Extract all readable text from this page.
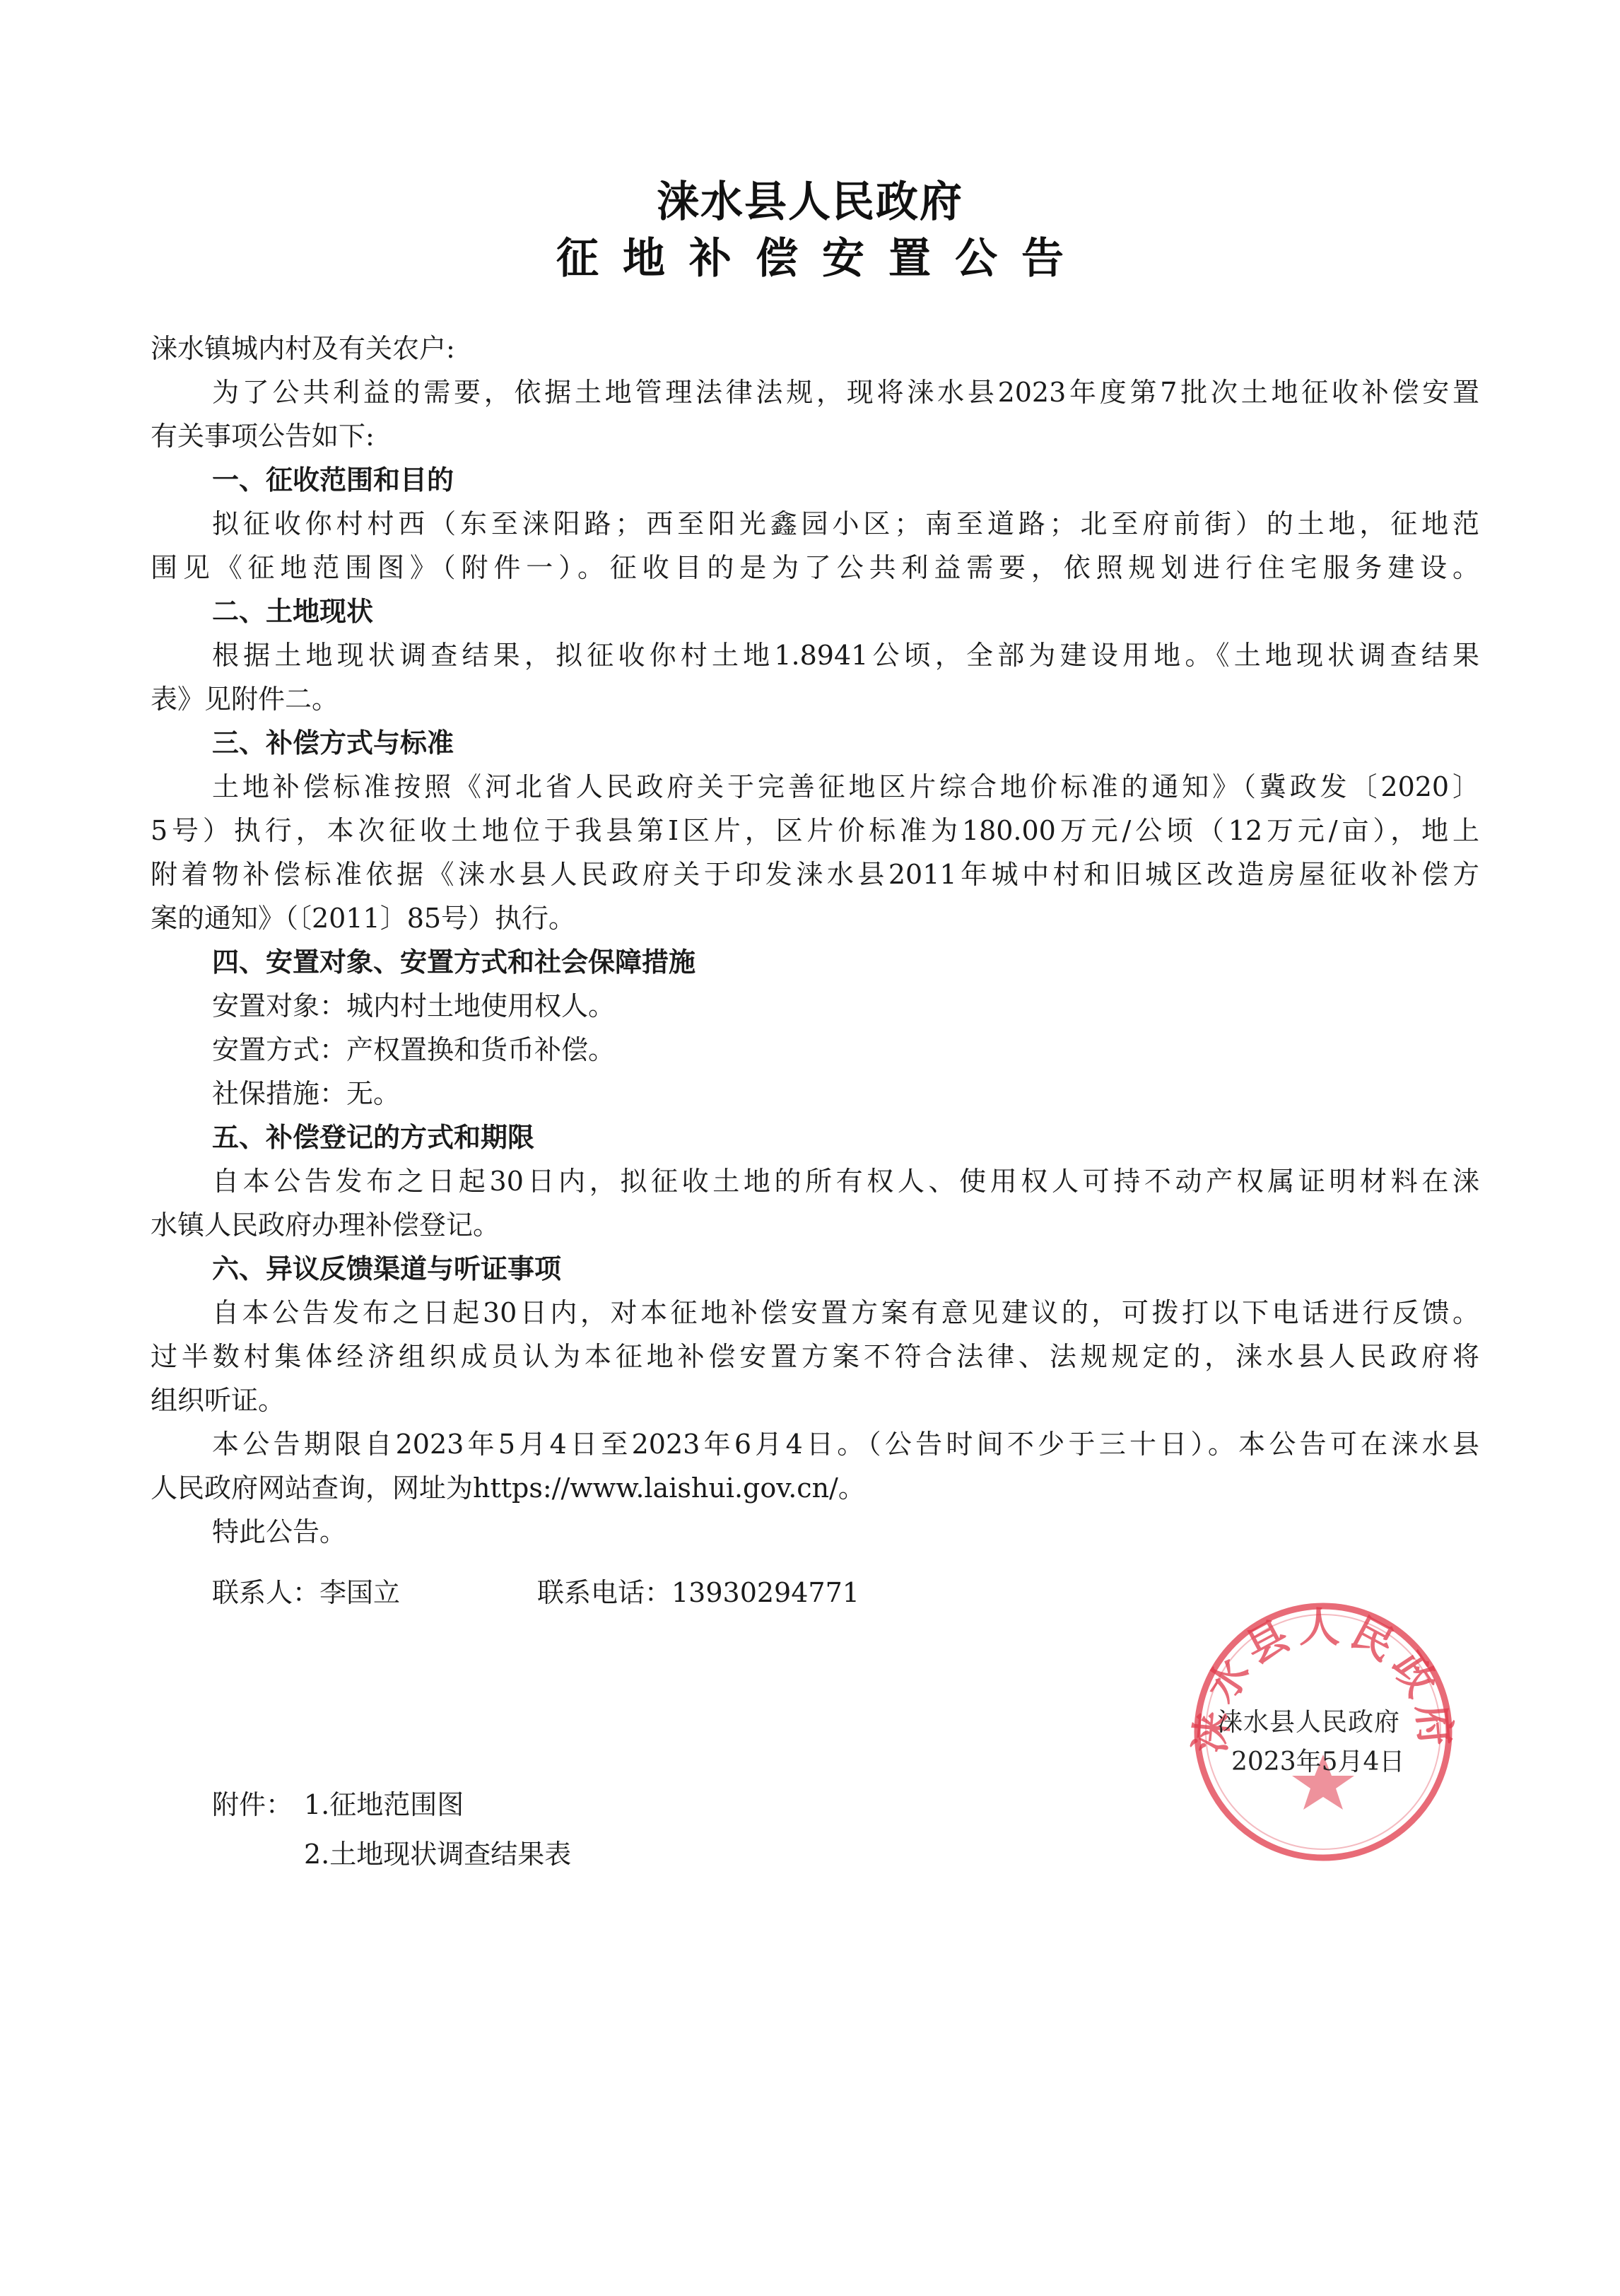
涞水县人民政府
征地补偿安置公告
涞水镇城内村及有关农户:
为了公共利益的需要，依据土地管理法律法规，现将涞水县2023年度第7批次土地征收补偿安置
有关事项公告如下:
一、征收范围和目的
拟征收你村村西（东至涞阳路；西至阳光鑫园小区；南至道路；北至府前街）的土地，征地范
围见《征地范围图》（附件一）。征收目的是为了公共利益需要，依照规划进行住宅服务建设。
二、土地现状
根据土地现状调查结果，拟征收你村土地1.8941公顷，全部为建设用地。《土地现状调查结果
表》见附件二。
三、补偿方式与标准
土地补偿标准按照《河北省人民政府关于完善征地区片综合地价标准的通知》（冀政发〔2020〕
5号）执行，本次征收土地位于我县第I区片，区片价标准为180.00万元/公顷（12万元/亩），地上
附着物补偿标准依据《涞水县人民政府关于印发涞水县2011年城中村和旧城区改造房屋征收补偿方
案的通知》（〔2011〕85号）执行。
四、安置对象、安置方式和社会保障措施
安置对象：城内村土地使用权人。
安置方式：产权置换和货币补偿。
社保措施：无。
五、补偿登记的方式和期限
自本公告发布之日起30日内，拟征收土地的所有权人、使用权人可持不动产权属证明材料在涞
水镇人民政府办理补偿登记。
六、异议反馈渠道与听证事项
自本公告发布之日起30日内，对本征地补偿安置方案有意见建议的，可拨打以下电话进行反馈。
过半数村集体经济组织成员认为本征地补偿安置方案不符合法律、法规规定的，涞水县人民政府将
组织听证。
本公告期限自2023年5月4日至2023年6月4日。（公告时间不少于三十日）。本公告可在涞水县
人民政府网站查询，网址为https://www.laishui.gov.cn/。
特此公告。
联系人：李国立	联系电话：13930294771
涞水县人民政府
涞水县人民政府
2023年5月4日
附件： 1.征地范围图
2.土地现状调查结果表
